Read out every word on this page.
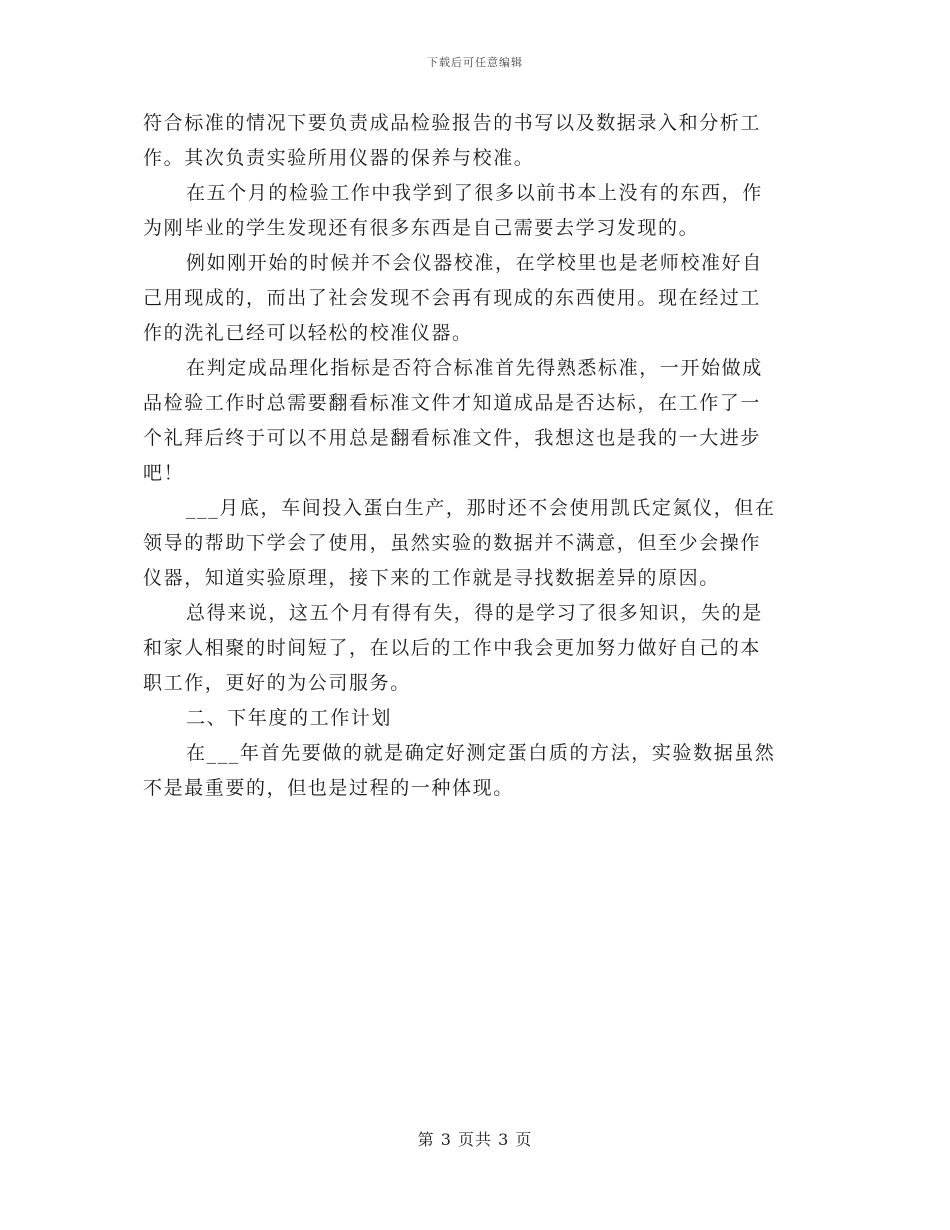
下载后可任意编辑
符合标准的情况下要负责成品检验报告的书写以及数据录入和分析工
作。其次负责实验所用仪器的保养与校准。
在五个月的检验工作中我学到了很多以前书本上没有的东西，作
为刚毕业的学生发现还有很多东西是自己需要去学习发现的。
例如刚开始的时候并不会仪器校准，在学校里也是老师校准好自
己用现成的，而出了社会发现不会再有现成的东西使用。现在经过工
作的洗礼已经可以轻松的校准仪器。
在判定成品理化指标是否符合标准首先得熟悉标准，一开始做成
品检验工作时总需要翻看标准文件才知道成品是否达标，在工作了一
个礼拜后终于可以不用总是翻看标准文件，我想这也是我的一大进步
吧！
___月底，车间投入蛋白生产，那时还不会使用凯氏定氮仪，但在
领导的帮助下学会了使用，虽然实验的数据并不满意，但至少会操作
仪器，知道实验原理，接下来的工作就是寻找数据差异的原因。
总得来说，这五个月有得有失，得的是学习了很多知识，失的是
和家人相聚的时间短了，在以后的工作中我会更加努力做好自己的本
职工作，更好的为公司服务。
二、下年度的工作计划
在___年首先要做的就是确定好测定蛋白质的方法，实验数据虽然
不是最重要的，但也是过程的一种体现。
第 3 页共 3 页
